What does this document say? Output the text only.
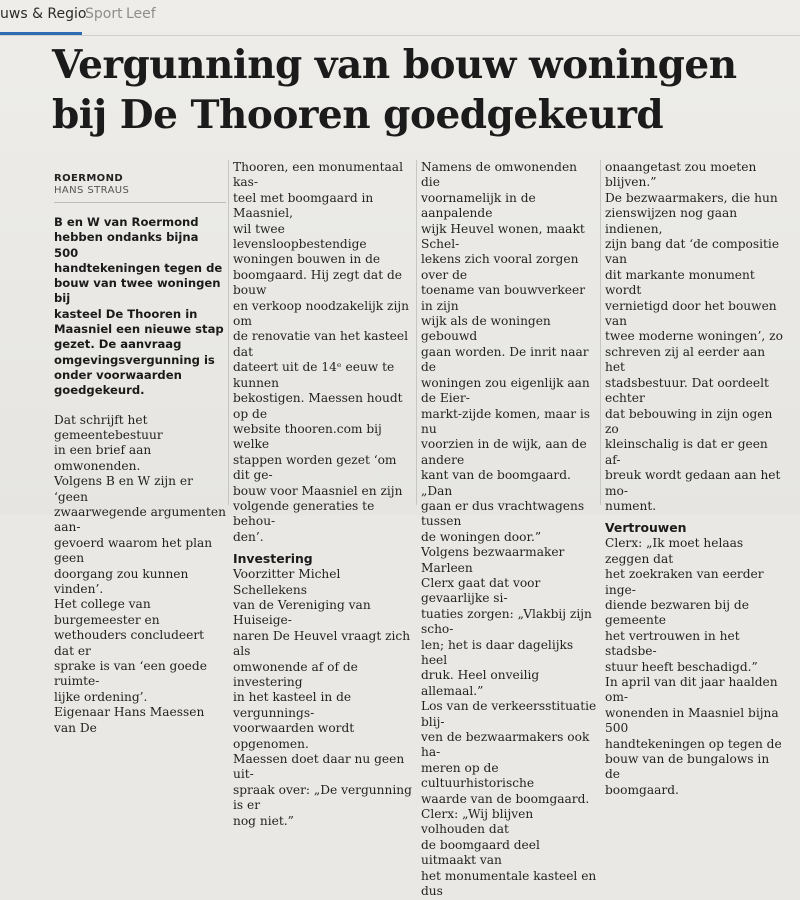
uws & Regio
Sport Leef
Vergunning van bouw woningen
bij De Thooren goedgekeurd
ROERMOND
HANS STRAUS
B en W van Roermond
hebben ondanks bijna 500
handtekeningen tegen de
bouw van twee woningen bij
kasteel De Thooren in
Maasniel een nieuwe stap
gezet. De aanvraag
omgevingsvergunning is
onder voorwaarden
goedgekeurd.
Dat schrijft het gemeentebestuur
in een brief aan omwonenden.
Volgens B en W zijn er ‘geen
zwaarwegende argumenten aan-
gevoerd waarom het plan geen
doorgang zou kunnen vinden’.
Het college van burgemeester en
wethouders concludeert dat er
sprake is van ‘een goede ruimte-
lijke ordening’.
Eigenaar Hans Maessen van De
Thooren, een monumentaal kas-
teel met boomgaard in Maasniel,
wil twee levensloopbestendige
woningen bouwen in de
boomgaard. Hij zegt dat de bouw
en verkoop noodzakelijk zijn om
de renovatie van het kasteel dat
dateert uit de 14ᵉ eeuw te kunnen
bekostigen. Maessen houdt op de
website thooren.com bij welke
stappen worden gezet ‘om dit ge-
bouw voor Maasniel en zijn
volgende generaties te behou-
den’.
Investering
Voorzitter Michel Schellekens
van de Vereniging van Huiseige-
naren De Heuvel vraagt zich als
omwonende af of de investering
in het kasteel in de vergunnings-
voorwaarden wordt opgenomen.
Maessen doet daar nu geen uit-
spraak over: „De vergunning is er
nog niet.”
Namens de omwonenden die
voornamelijk in de aanpalende
wijk Heuvel wonen, maakt Schel-
lekens zich vooral zorgen over de
toename van bouwverkeer in zijn
wijk als de woningen gebouwd
gaan worden. De inrit naar de
woningen zou eigenlijk aan de Eier-
markt-zijde komen, maar is nu
voorzien in de wijk, aan de andere
kant van de boomgaard. „Dan
gaan er dus vrachtwagens tussen
de woningen door.”
Volgens bezwaarmaker Marleen
Clerx gaat dat voor gevaarlijke si-
tuaties zorgen: „Vlakbij zijn scho-
len; het is daar dagelijks heel
druk. Heel onveilig allemaal.”
Los van de verkeersstituatie blij-
ven de bezwaarmakers ook ha-
meren op de cultuurhistorische
waarde van de boomgaard.
Clerx: „Wij blijven volhouden dat
de boomgaard deel uitmaakt van
het monumentale kasteel en dus
onaangetast zou moeten blijven.”
De bezwaarmakers, die hun
zienswijzen nog gaan indienen,
zijn bang dat ‘de compositie van
dit markante monument wordt
vernietigd door het bouwen van
twee moderne woningen’, zo
schreven zij al eerder aan het
stadsbestuur. Dat oordeelt echter
dat bebouwing in zijn ogen zo
kleinschalig is dat er geen af-
breuk wordt gedaan aan het mo-
nument.
Vertrouwen
Clerx: „Ik moet helaas zeggen dat
het zoekraken van eerder inge-
diende bezwaren bij de gemeente
het vertrouwen in het stadsbe-
stuur heeft beschadigd.”
In april van dit jaar haalden om-
wonenden in Maasniel bijna 500
handtekeningen op tegen de
bouw van de bungalows in de
boomgaard.
